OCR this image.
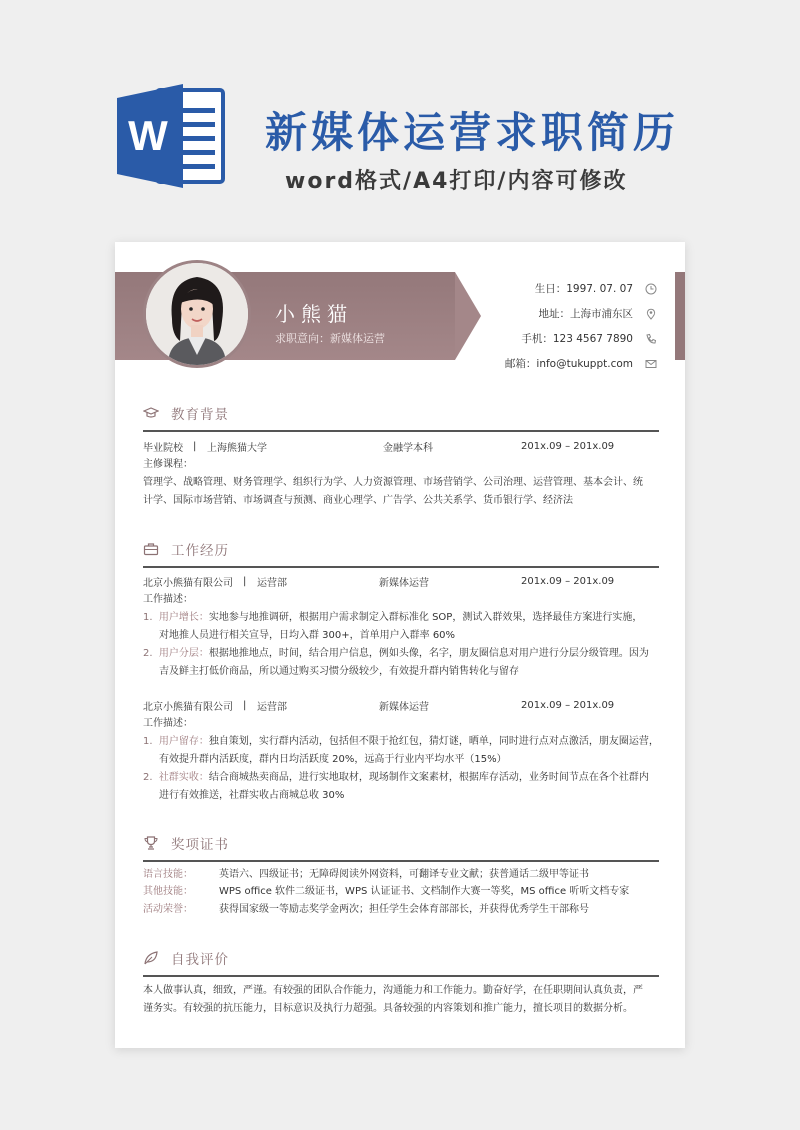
W 新媒体运营求职简历
word格式/A4打印/内容可修改
小熊猫
求职意向：新媒体运营
生日：1997. 07. 07
地址：上海市浦东区
手机：123 4567 7890
邮箱：info@tukuppt.com
教育背景
毕业院校	|	上海熊猫大学	金融学本科	201x.09 – 201x.09
主修课程：
管理学、战略管理、财务管理学、组织行为学、人力资源管理、市场营销学、公司治理、运营管理、基本会计、统
计学、国际市场营销、市场调查与预测、商业心理学、广告学、公共关系学、货币银行学、经济法
工作经历
北京小熊猫有限公司	|	运营部	新媒体运营	201x.09 – 201x.09
工作描述：
1. 用户增长：实地参与地推调研，根据用户需求制定入群标准化 SOP，测试入群效果，选择最佳方案进行实施，
对地推人员进行相关宣导，日均入群 300+，首单用户入群率 60%
2. 用户分层：根据地推地点，时间，结合用户信息，例如头像，名字，朋友圈信息对用户进行分层分级管理。因为
吉及鲜主打低价商品，所以通过购买习惯分级较少，有效提升群内销售转化与留存
北京小熊猫有限公司	|	运营部	新媒体运营	201x.09 – 201x.09
工作描述：
1. 用户留存：独自策划，实行群内活动，包括但不限于抢红包，猜灯谜，晒单，同时进行点对点激活，朋友圈运营，
有效提升群内活跃度，群内日均活跃度 20%，远高于行业内平均水平（15%）
2. 社群实收：结合商城热卖商品，进行实地取材，现场制作文案素材，根据库存活动，业务时间节点在各个社群内
进行有效推送，社群实收占商城总收 30%
奖项证书
语言技能：	英语六、四级证书；无障碍阅读外网资料，可翻译专业文献；获普通话二级甲等证书
其他技能：	WPS office 软件二级证书，WPS 认证证书、文档制作大赛一等奖，MS office 听听文档专家
活动荣誉：	获得国家级一等励志奖学金两次；担任学生会体育部部长，并获得优秀学生干部称号
自我评价
本人做事认真，细致，严谨。有较强的团队合作能力，沟通能力和工作能力。勤奋好学，在任职期间认真负责，严
谨务实。有较强的抗压能力，目标意识及执行力超强。具备较强的内容策划和推广能力，擅长项目的数据分析。
